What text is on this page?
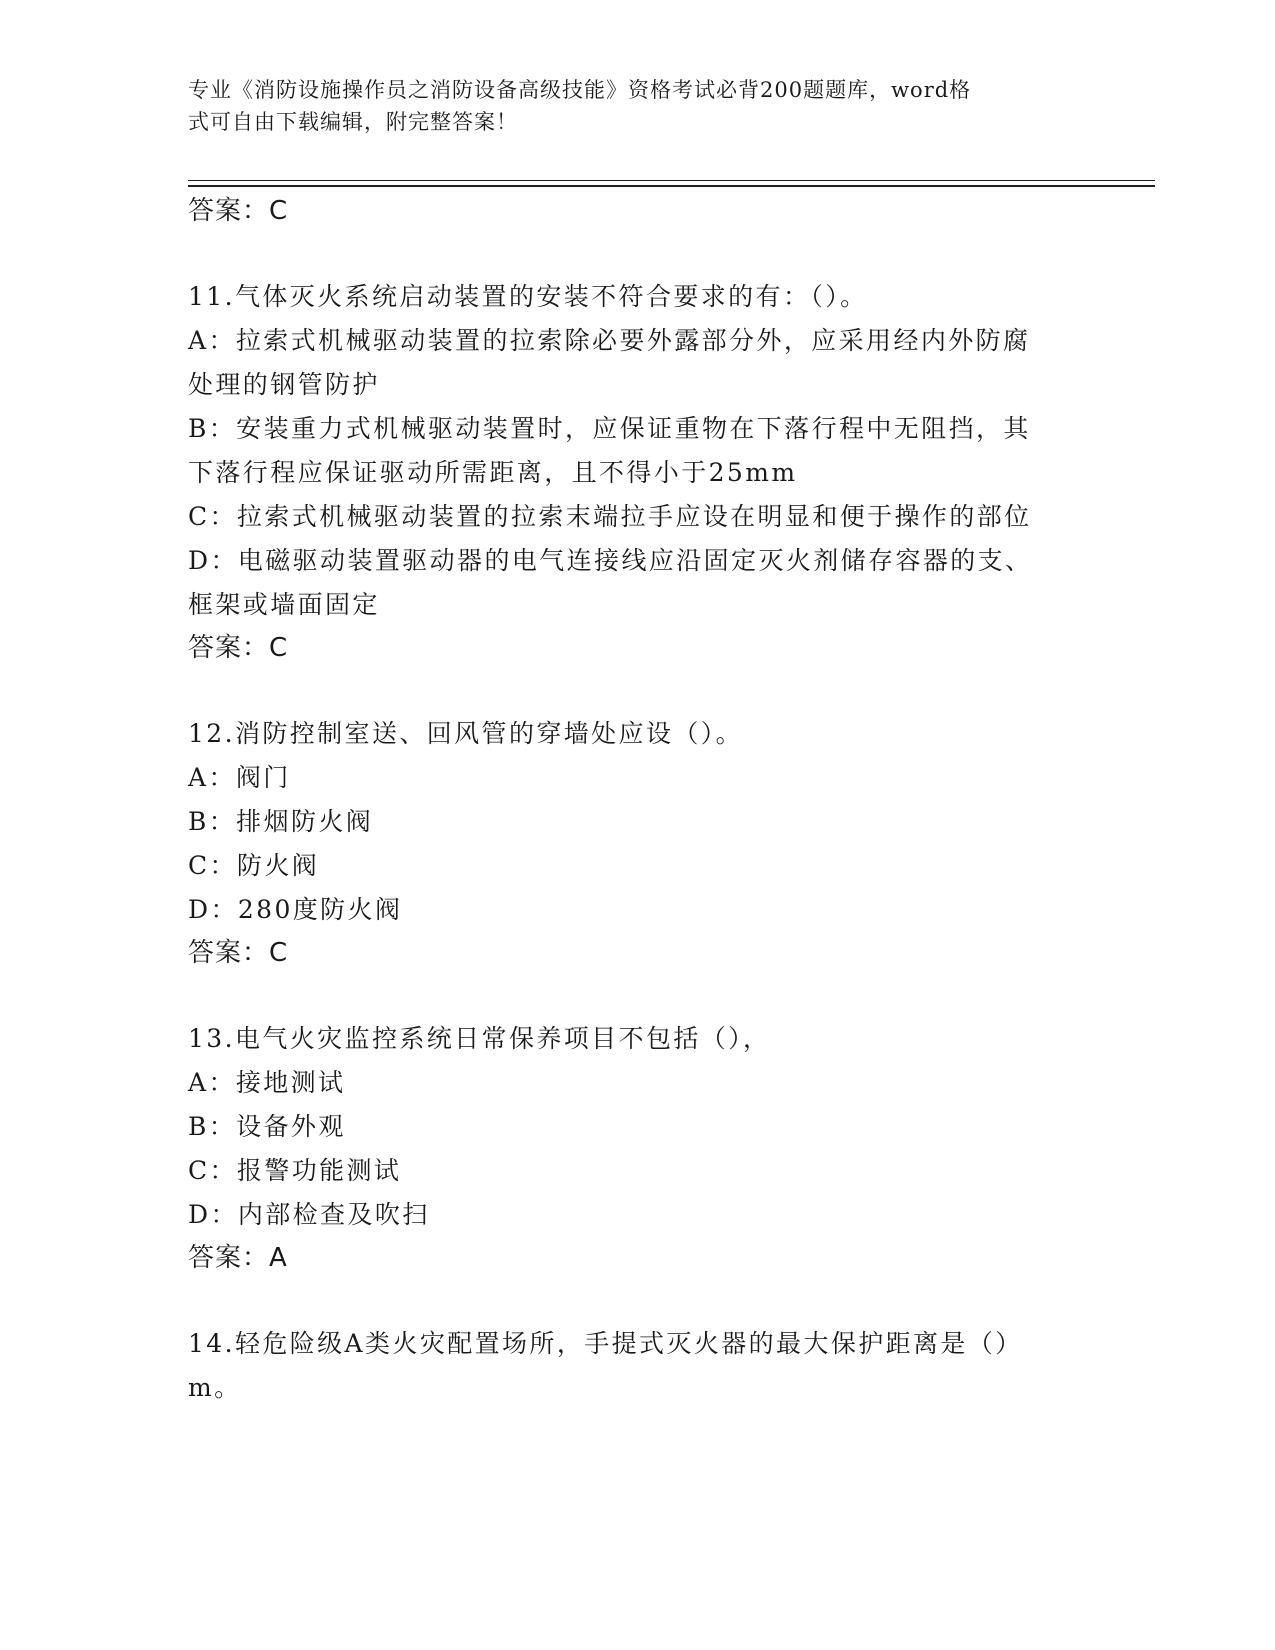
专业《消防设施操作员之消防设备高级技能》资格考试必背200题题库，word格
式可自由下载编辑，附完整答案！
答案：C
11.气体灭火系统启动装置的安装不符合要求的有：（）。
A：拉索式机械驱动装置的拉索除必要外露部分外，应采用经内外防腐
处理的钢管防护
B：安装重力式机械驱动装置时，应保证重物在下落行程中无阻挡，其
下落行程应保证驱动所需距离，且不得小于25mm
C：拉索式机械驱动装置的拉索末端拉手应设在明显和便于操作的部位
D：电磁驱动装置驱动器的电气连接线应沿固定灭火剂储存容器的支、
框架或墙面固定
答案：C
12.消防控制室送、回风管的穿墙处应设（）。
A：阀门
B：排烟防火阀
C：防火阀
D：280度防火阀
答案：C
13.电气火灾监控系统日常保养项目不包括（），
A：接地测试
B：设备外观
C：报警功能测试
D：内部检查及吹扫
答案：A
14.轻危险级A类火灾配置场所，手提式灭火器的最大保护距离是（）
m。
